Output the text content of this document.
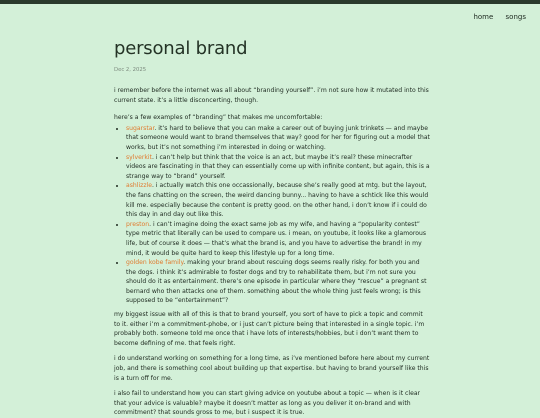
home songs
personal brand
Dec 2, 2025

i remember before the internet was all about “branding yourself”. i’m not sure how it mutated into this current state. it’s a little disconcerting, though.

here’s a few examples of “branding” that makes me uncomfortable:

• sugarstar. it’s hard to believe that you can make a career out of buying junk trinkets — and maybe that someone would want to brand themselves that way? good for her for figuring out a model that works, but it’s not something i’m interested in doing or watching.
• sylverkit. i can’t help but think that the voice is an act, but maybe it’s real? these minecrafter videos are fascinating in that they can essentially come up with infinite content, but again, this is a strange way to “brand” yourself.
• ashlizzle. i actually watch this one occassionally, because she’s really good at mtg. but the layout, the fans chatting on the screen, the weird dancing bunny... having to have a schtick like this would kill me. especially because the content is pretty good. on the other hand, i don’t know if i could do this day in and day out like this.
• preston. i can’t imagine doing the exact same job as my wife, and having a “popularity contest” type metric that literally can be used to compare us. i mean, on youtube, it looks like a glamorous life, but of course it does — that’s what the brand is, and you have to advertise the brand! in my mind, it would be quite hard to keep this lifestyle up for a long time.
• golden kobe family. making your brand about rescuing dogs seems really risky. for both you and the dogs. i think it’s admirable to foster dogs and try to rehabilitate them, but i’m not sure you should do it as entertainment. there’s one episode in particular where they “rescue” a pregnant st bernard who then attacks one of them. something about the whole thing just feels wrong; is this supposed to be “entertainment”?

my biggest issue with all of this is that to brand yourself, you sort of have to pick a topic and commit to it. either i’m a commitment-phobe, or i just can’t picture being that interested in a single topic. i’m probably both. someone told me once that i have lots of interests/hobbies, but i don’t want them to become defining of me. that feels right.

i do understand working on something for a long time, as i’ve mentioned before here about my current job, and there is something cool about building up that expertise. but having to brand yourself like this is a turn off for me.

i also fail to understand how you can start giving advice on youtube about a topic — when is it clear that your advice is valuable? maybe it doesn’t matter as long as you deliver it on-brand and with commitment? that sounds gross to me, but i suspect it is true.
